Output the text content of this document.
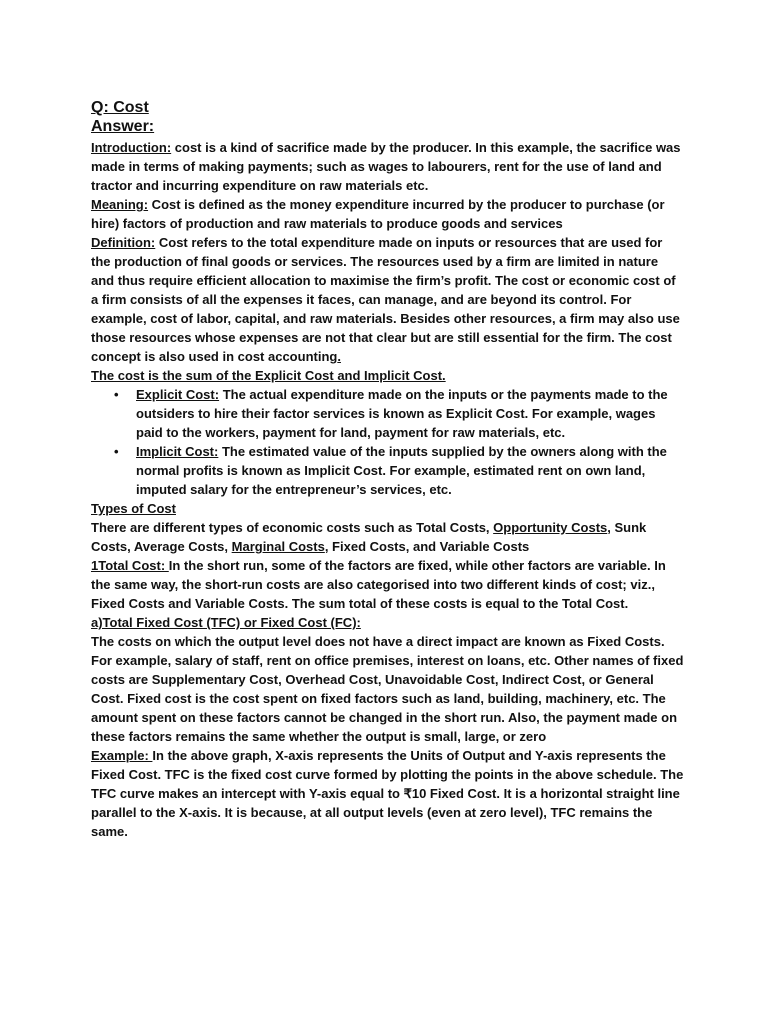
Q: Cost

Answer:

Introduction: cost is a kind of sacrifice made by the producer. In this example, the sacrifice was made in terms of making payments; such as wages to labourers, rent for the use of land and tractor and incurring expenditure on raw materials etc.

Meaning: Cost is defined as the money expenditure incurred by the producer to purchase (or hire) factors of production and raw materials to produce goods and services

Definition: Cost refers to the total expenditure made on inputs or resources that are used for the production of final goods or services. The resources used by a firm are limited in nature and thus require efficient allocation to maximise the firm’s profit. The cost or economic cost of a firm consists of all the expenses it faces, can manage, and are beyond its control. For example, cost of labor, capital, and raw materials. Besides other resources, a firm may also use those resources whose expenses are not that clear but are still essential for the firm. The cost concept is also used in cost accounting.

The cost is the sum of the Explicit Cost and Implicit Cost.

• Explicit Cost: The actual expenditure made on the inputs or the payments made to the outsiders to hire their factor services is known as Explicit Cost. For example, wages paid to the workers, payment for land, payment for raw materials, etc.
• Implicit Cost: The estimated value of the inputs supplied by the owners along with the normal profits is known as Implicit Cost. For example, estimated rent on own land, imputed salary for the entrepreneur’s services, etc.

Types of Cost

There are different types of economic costs such as Total Costs, Opportunity Costs, Sunk Costs, Average Costs, Marginal Costs, Fixed Costs, and Variable Costs

1Total Cost: In the short run, some of the factors are fixed, while other factors are variable. In the same way, the short-run costs are also categorised into two different kinds of cost; viz., Fixed Costs and Variable Costs. The sum total of these costs is equal to the Total Cost.

a)Total Fixed Cost (TFC) or Fixed Cost (FC):

The costs on which the output level does not have a direct impact are known as Fixed Costs. For example, salary of staff, rent on office premises, interest on loans, etc. Other names of fixed costs are Supplementary Cost, Overhead Cost, Unavoidable Cost, Indirect Cost, or General Cost. Fixed cost is the cost spent on fixed factors such as land, building, machinery, etc. The amount spent on these factors cannot be changed in the short run. Also, the payment made on these factors remains the same whether the output is small, large, or zero

Example: In the above graph, X-axis represents the Units of Output and Y-axis represents the Fixed Cost. TFC is the fixed cost curve formed by plotting the points in the above schedule. The TFC curve makes an intercept with Y-axis equal to ₹10 Fixed Cost. It is a horizontal straight line parallel to the X-axis. It is because, at all output levels (even at zero level), TFC remains the same.
